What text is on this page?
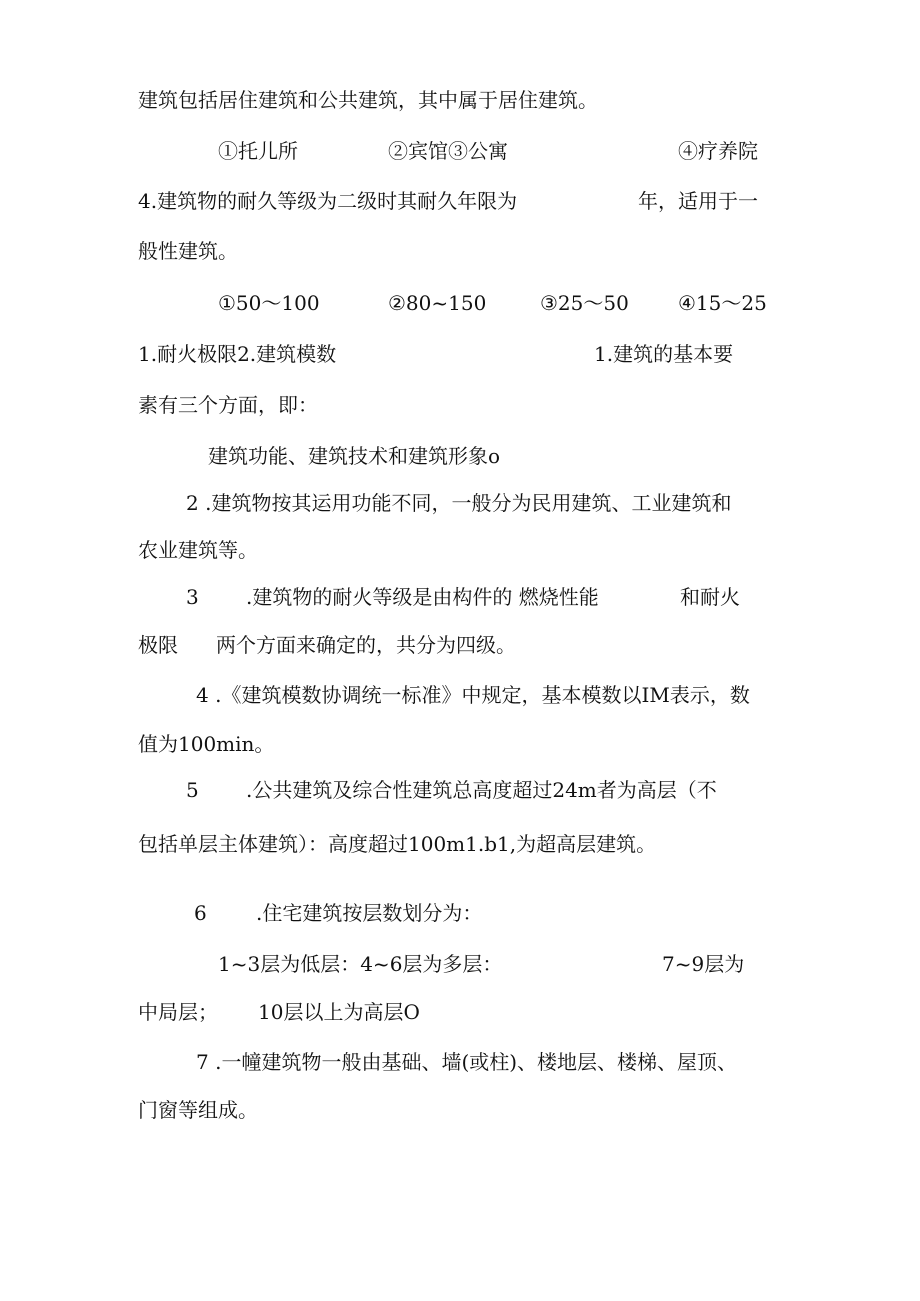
建筑包括居住建筑和公共建筑，其中属于居住建筑。
①托儿所	②宾馆③公寓	④疗养院
4.建筑物的耐久等级为二级时其耐久年限为	年，适用于一
般性建筑。
①50～100	②80~150	③25～50 ④15～25
1.耐火极限2.建筑模数	1.建筑的基本要
素有三个方面，即：
建筑功能、建筑技术和建筑形象o
2 .建筑物按其运用功能不同，一般分为民用建筑、工业建筑和
农业建筑等。
3 .建筑物的耐火等级是由构件的 燃烧性能	和耐火
极限 两个方面来确定的，共分为四级。
4 .《建筑模数协调统一标准》中规定，基本模数以IM表示，数
值为100min。
5 .公共建筑及综合性建筑总高度超过24m者为高层（不
包括单层主体建筑）：高度超过100m1.b1,为超高层建筑。
6 .住宅建筑按层数划分为：
1~3层为低层：4~6层为多层：	7~9层为
中局层； 10层以上为高层O
7 .一幢建筑物一般由基础、墙(或柱)、楼地层、楼梯、屋顶、
门窗等组成。
